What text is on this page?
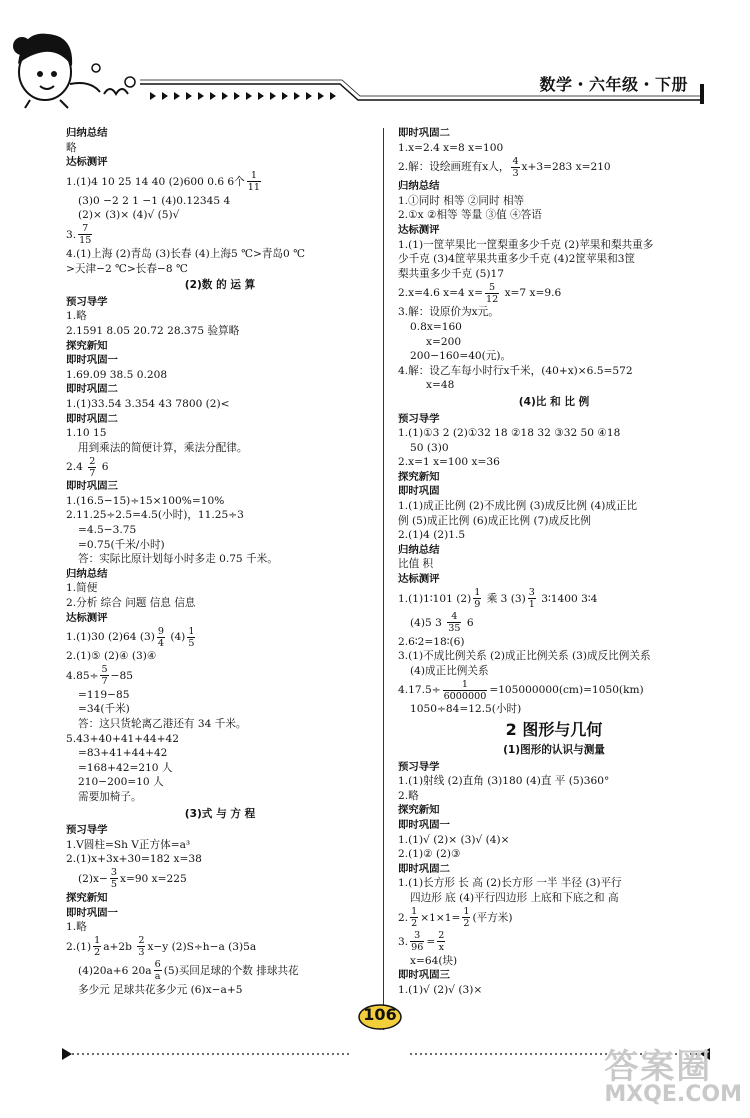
数学・六年级・下册
归纳总结
略
达标测评
1.(1)4 10 25 14 40 (2)600 0.6 6个 $\frac{1}{11}$
(3)0 −2 2 1 −1 (4)0.12345 4
(2)× (3)× (4)√ (5)√
3. $\frac{7}{15}$
4.(1)上海 (2)青岛 (3)长春 (4)上海5 ℃>青岛0 ℃
>天津−2 ℃>长春−8 ℃
(2)数 的 运 算
预习导学
1.略
2.1591 8.05 20.72 28.375 验算略
探究新知
即时巩固一
1.69.09 38.5 0.208
即时巩固二
1.(1)33.54 3.354 43 7800 (2)<
即时巩固二
1.10 15
用到乘法的简便计算，乘法分配律。
$2.4 \frac{2}{7} 6$
即时巩固三
1.(16.5−15)÷15×100%=10%
2.11.25÷2.5=4.5(小时)，11.25÷3
=4.5−3.75
=0.75(千米/小时)
答：实际比原计划每小时多走 0.75 千米。
归纳总结
1.简便
2.分析 综合 问题 信息 信息
达标测评
1.(1)30 (2)64 $(3) \frac{9}{4} (4) \frac{1}{5}$
2.(1)⑤ (2)④ (3)④
$4.85\div \frac{5}{7} -85$
=119−85
=34(千米)
答：这只货轮离乙港还有 34 千米。
5.43+40+41+44+42
=83+41+44+42
=168+42=210 人
210−200=10 人
需要加椅子。
(3)式 与 方 程
预习导学
1.V圆柱=Sh V正方体=a³
2.(1)x+3x+30=182 x=38
$(2)x- \frac{3}{5} x=90$ x=225
探究新知
即时巩固一
1.略
$2.(1) \frac{1}{2} a+2b \frac{2}{3} x-y$ (2)S÷h−a (3)5a
(4)20a+6 $20a \frac{6}{a} (5)$买回足球的个数 排球共花
多少元 足球共花多少元 (6)x−a+5
即时巩固二
1.x=2.4 x=8 x=100
2.解：设绘画班有x人， $\frac{4}{3} x+3=283$ x=210
归纳总结
1.①同时 相等 ②同时 相等
2.①x ②相等 等量 ③值 ④答语
达标测评
1.(1)一筐苹果比一筐梨重多少千克 (2)苹果和梨共重多
少千克 (3)4筐苹果共重多少千克 (4)2筐苹果和3筐
梨共重多少千克 (5)17
2.x=4.6 x=4 $x= \frac{5}{12} x=7$ x=9.6
3.解：设原价为x元。
0.8x=160
x=200
200−160=40(元)。
4.解：设乙车每小时行x千米，(40+x)×6.5=572
x=48
(4)比 和 比 例
预习导学
1.(1)①3 2 (2)①32 18 ②18 32 ③32 50 ④18
50 (3)0
2.x=1 x=100 x=36
探究新知
即时巩固
1.(1)成正比例 (2)不成比例 (3)成反比例 (4)成正比
例 (5)成正比例 (6)成正比例 (7)成反比例
2.(1)4 (2)1.5
归纳总结
比值 积
达标测评
1.(1)1∶101 $(2) \frac{1}{9}$ 乘 3 $(3) \frac{3}{1}$ 3∶1400 3∶4
(4)5 $3 \frac{4}{35} 6$
2.6∶2=18∶(6)
3.(1)不成比例关系 (2)成正比例关系 (3)成反比例关系
(4)成正比例关系
$4.17.5\div \frac{1}{6000000} =105000000(cm)=1050(km)$
1050÷84=12.5(小时)
2 图形与几何
(1)图形的认识与测量
预习导学
1.(1)射线 (2)直角 (3)180 (4)直 平 (5)360°
2.略
探究新知
即时巩固一
1.(1)√ (2)× (3)√ (4)×
2.(1)② (2)③
即时巩固二
1.(1)长方形 长 高 (2)长方形 一半 半径 (3)平行
四边形 底 (4)平行四边形 上底和下底之和 高
2. $\frac{1}{2} \times 1\times 1= \frac{1}{2}$ (平方米)
3. $\frac{3}{96} = \frac{2}{x}$
x=64(块)
即时巩固三
1.(1)√ (2)√ (3)×
106
答案圈
MXQE.COM
